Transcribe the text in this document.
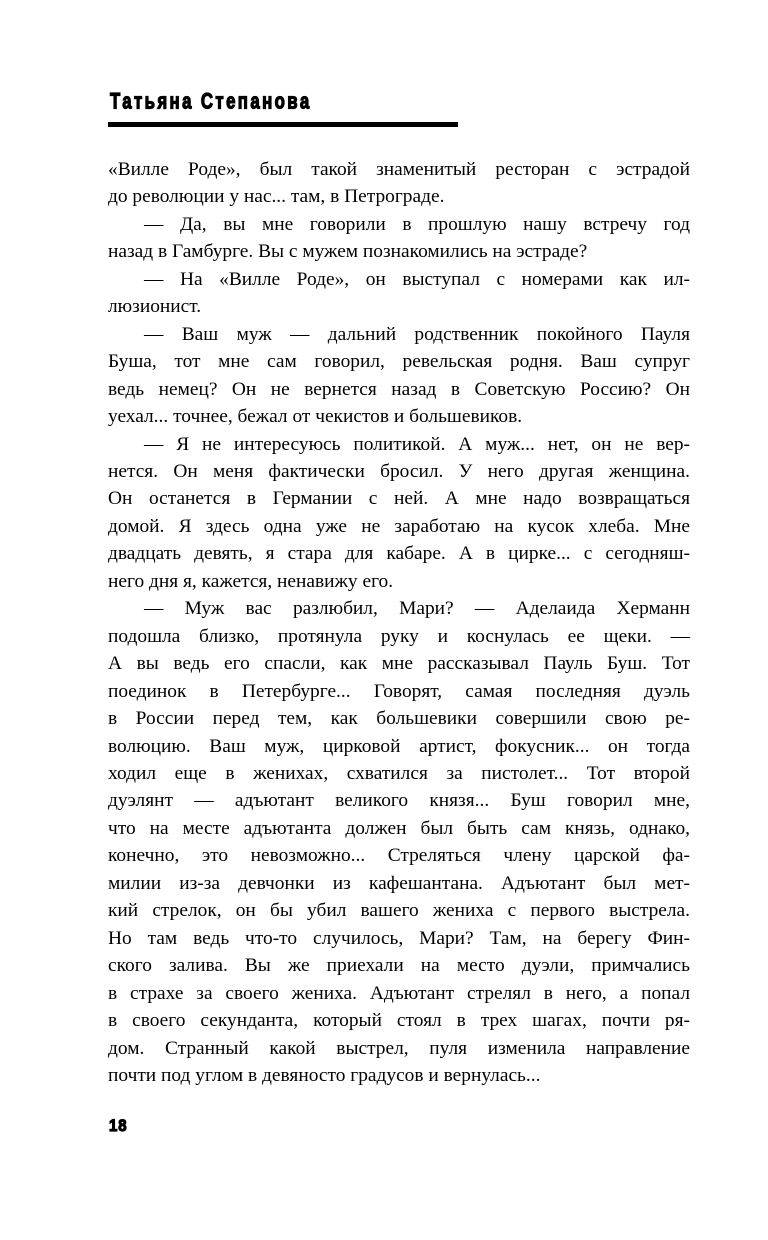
Татьяна Степанова
«Вилле Роде», был такой знаменитый ресторан с эстрадой
до революции у нас... там, в Петрограде.
— Да, вы мне говорили в прошлую нашу встречу год
назад в Гамбурге. Вы с мужем познакомились на эстраде?
— На «Вилле Роде», он выступал с номерами как ил-
люзионист.
— Ваш муж — дальний родственник покойного Пауля
Буша, тот мне сам говорил, ревельская родня. Ваш супруг
ведь немец? Он не вернется назад в Советскую Россию? Он
уехал... точнее, бежал от чекистов и большевиков.
— Я не интересуюсь политикой. А муж... нет, он не вер-
нется. Он меня фактически бросил. У него другая женщина.
Он останется в Германии с ней. А мне надо возвращаться
домой. Я здесь одна уже не заработаю на кусок хлеба. Мне
двадцать девять, я стара для кабаре. А в цирке... с сегодняш-
него дня я, кажется, ненавижу его.
— Муж вас разлюбил, Мари? — Аделаида Херманн
подошла близко, протянула руку и коснулась ее щеки. —
А вы ведь его спасли, как мне рассказывал Пауль Буш. Тот
поединок в Петербурге... Говорят, самая последняя дуэль
в России перед тем, как большевики совершили свою ре-
волюцию. Ваш муж, цирковой артист, фокусник... он тогда
ходил еще в женихах, схватился за пистолет... Тот второй
дуэлянт — адъютант великого князя... Буш говорил мне,
что на месте адъютанта должен был быть сам князь, однако,
конечно, это невозможно... Стреляться члену царской фа-
милии из-за девчонки из кафешантана. Адъютант был мет-
кий стрелок, он бы убил вашего жениха с первого выстрела.
Но там ведь что-то случилось, Мари? Там, на берегу Фин-
ского залива. Вы же приехали на место дуэли, примчались
в страхе за своего жениха. Адъютант стрелял в него, а попал
в своего секунданта, который стоял в трех шагах, почти ря-
дом. Странный какой выстрел, пуля изменила направление
почти под углом в девяносто градусов и вернулась...
18
